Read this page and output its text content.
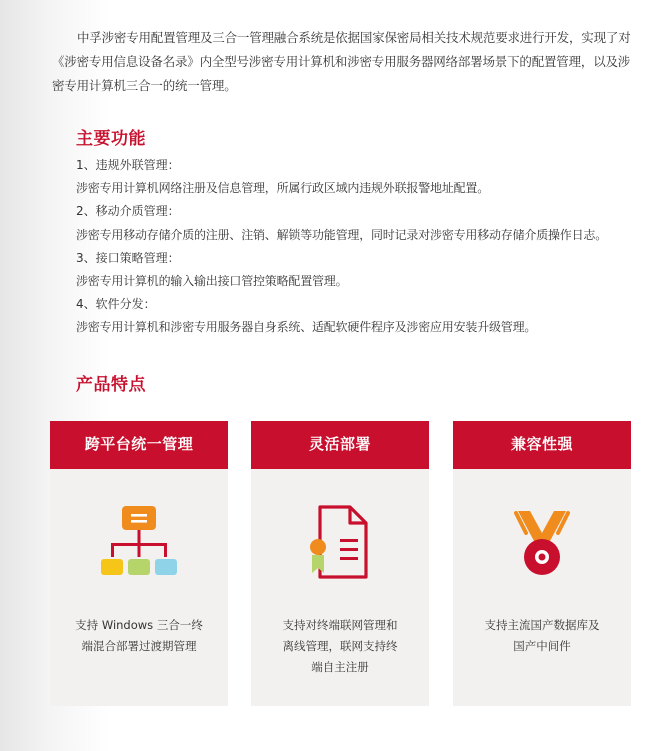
中孚涉密专用配置管理及三合一管理融合系统是依据国家保密局相关技术规范要求进行开发，实现了对《涉密专用信息设备名录》内全型号涉密专用计算机和涉密专用服务器网络部署场景下的配置管理，以及涉密专用计算机三合一的统一管理。

主要功能
1、违规外联管理：
涉密专用计算机网络注册及信息管理，所属行政区域内违规外联报警地址配置。
2、移动介质管理：
涉密专用移动存储介质的注册、注销、解锁等功能管理，同时记录对涉密专用移动存储介质操作日志。
3、接口策略管理：
涉密专用计算机的输入输出接口管控策略配置管理。
4、软件分发：
涉密专用计算机和涉密专用服务器自身系统、适配软硬件程序及涉密应用安装升级管理。
产品特点
跨平台统一管理

支持 Windows 三合一终
端混合部署过渡期管理

灵活部署

支持对终端联网管理和
离线管理，联网支持终
端自主注册

兼容性强

支持主流国产数据库及
国产中间件
